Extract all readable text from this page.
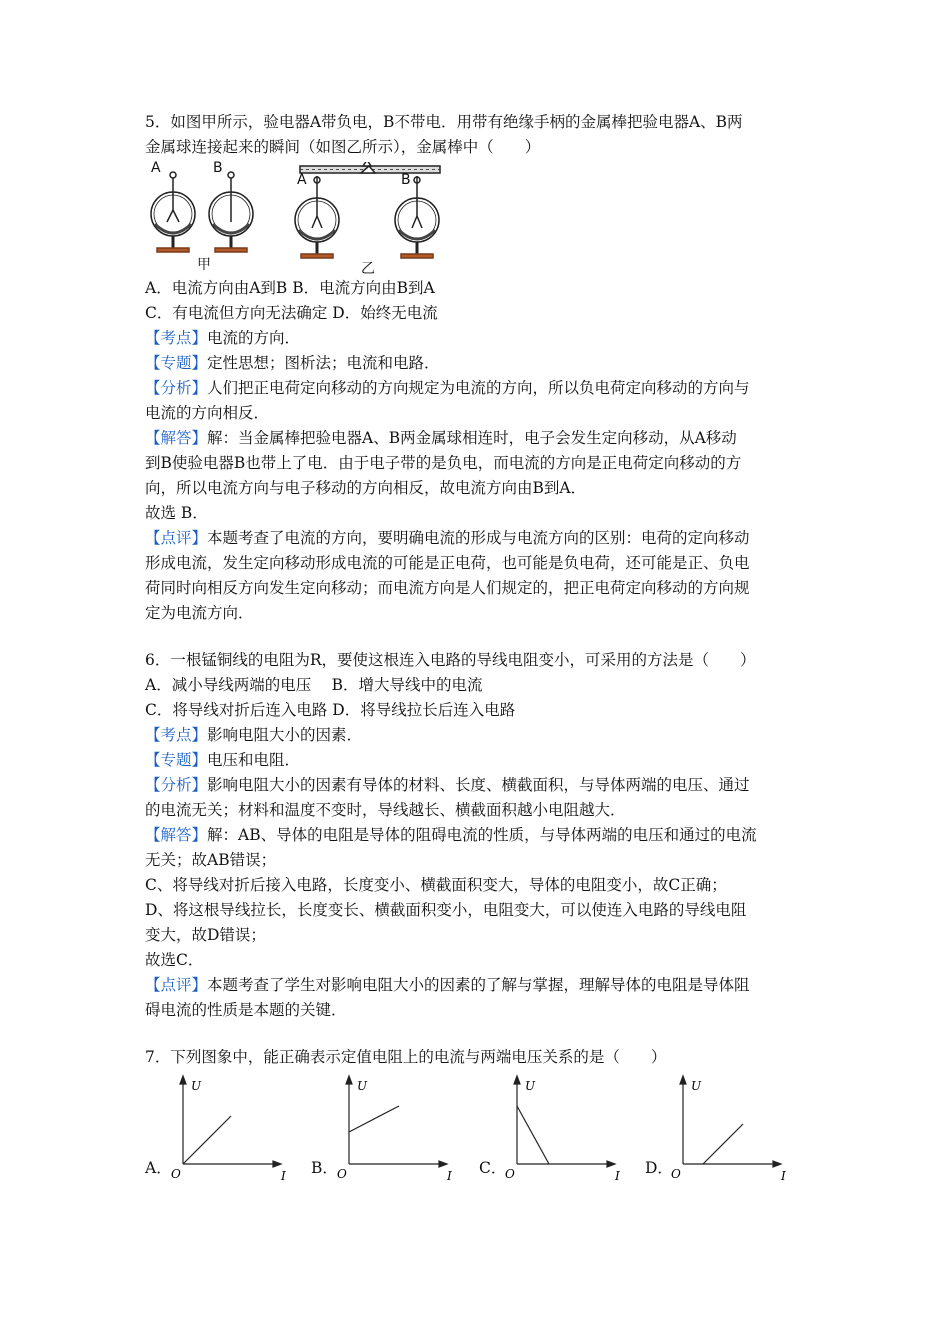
5．如图甲所示，验电器A带负电，B不带电．用带有绝缘手柄的金属棒把验电器A、B两
金属球连接起来的瞬间（如图乙所示），金属棒中（　　）
A	B
A	B
甲	乙
A．电流方向由A到B B．电流方向由B到A
C．有电流但方向无法确定 D．始终无电流
【考点】电流的方向．
【专题】定性思想；图析法；电流和电路．
【分析】人们把正电荷定向移动的方向规定为电流的方向，所以负电荷定向移动的方向与
电流的方向相反．
【解答】解：当金属棒把验电器A、B两金属球相连时，电子会发生定向移动，从A移动
到B使验电器B也带上了电．由于电子带的是负电，而电流的方向是正电荷定向移动的方
向，所以电流方向与电子移动的方向相反，故电流方向由B到A．
故选 B．
【点评】本题考查了电流的方向，要明确电流的形成与电流方向的区别：电荷的定向移动
形成电流，发生定向移动形成电流的可能是正电荷，也可能是负电荷，还可能是正、负电
荷同时向相反方向发生定向移动；而电流方向是人们规定的，把正电荷定向移动的方向规
定为电流方向．
6．一根锰铜线的电阻为R，要使这根连入电路的导线电阻变小，可采用的方法是（　　）
A．减小导线两端的电压　 B．增大导线中的电流
C．将导线对折后连入电路 D．将导线拉长后连入电路
【考点】影响电阻大小的因素．
【专题】电压和电阻．
【分析】影响电阻大小的因素有导体的材料、长度、横截面积，与导体两端的电压、通过
的电流无关；材料和温度不变时，导线越长、横截面积越小电阻越大．
【解答】解：AB、导体的电阻是导体的阻碍电流的性质，与导体两端的电压和通过的电流
无关；故AB错误；
C、将导线对折后接入电路，长度变小、横截面积变大，导体的电阻变小，故C正确；
D、将这根导线拉长，长度变长、横截面积变小，电阻变大，可以使连入电路的导线电阻
变大，故D错误；
故选C．
【点评】本题考查了学生对影响电阻大小的因素的了解与掌握，理解导体的电阻是导体阻
碍电流的性质是本题的关键．
7．下列图象中，能正确表示定值电阻上的电流与两端电压关系的是（　　）
A．
U
O	I B．
U
O	I C．
U
O	I D．
U
O	I
